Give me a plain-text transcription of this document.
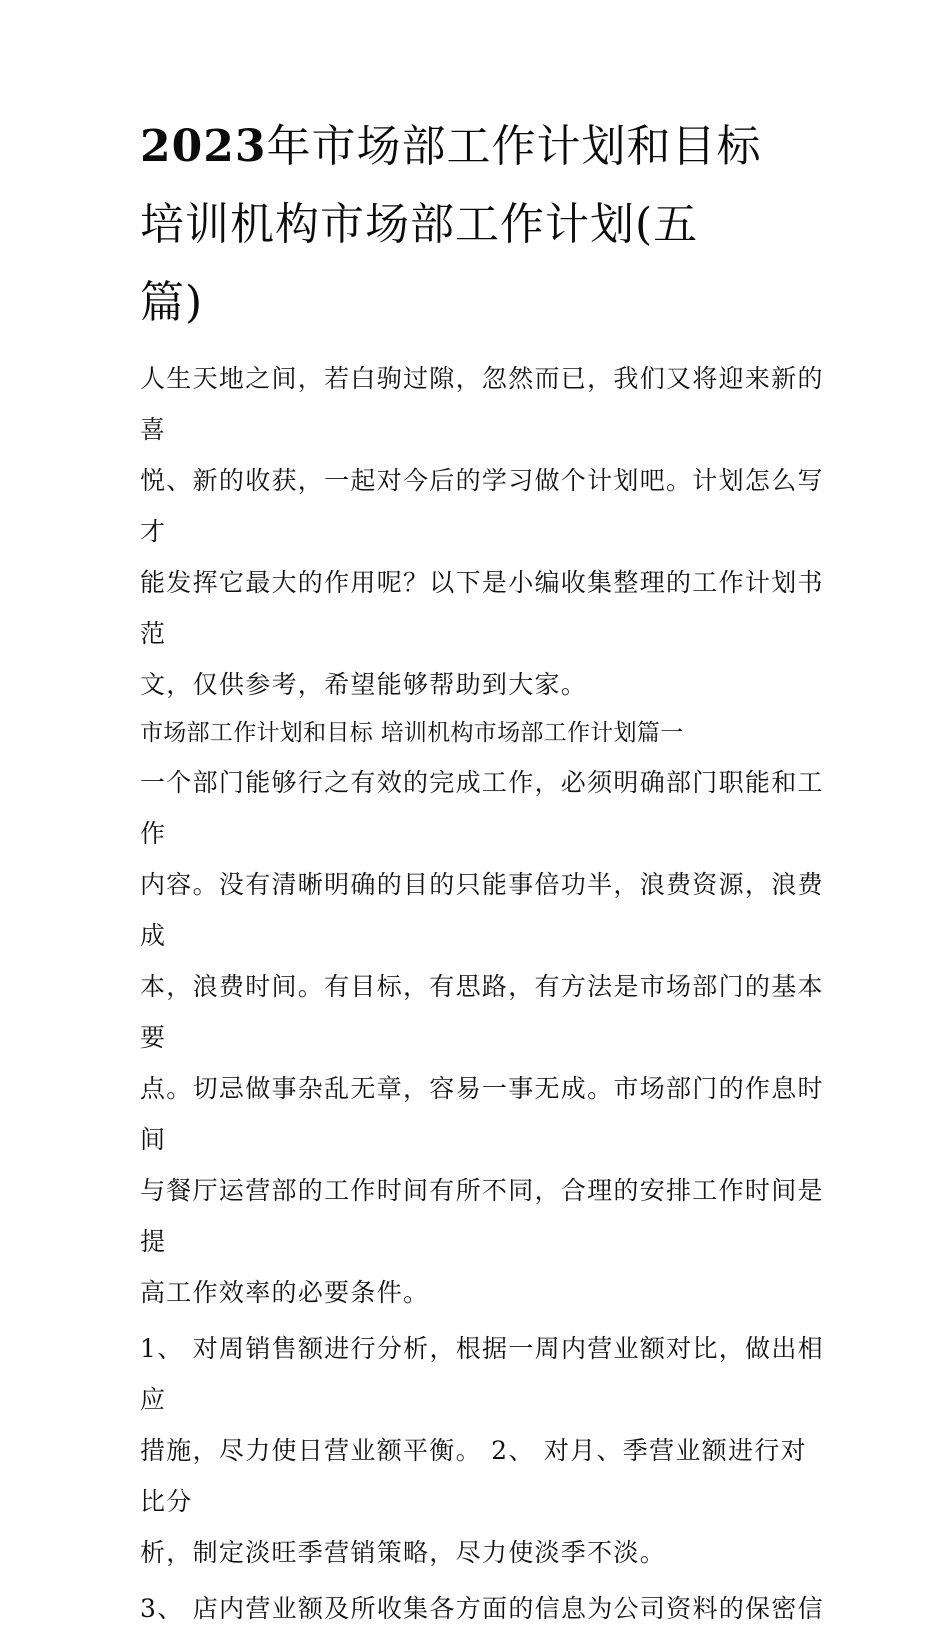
2023年市场部工作计划和目标
培训机构市场部工作计划(五
篇)

人生天地之间，若白驹过隙，忽然而已，我们又将迎来新的喜
悦、新的收获，一起对今后的学习做个计划吧。计划怎么写才
能发挥它最大的作用呢？以下是小编收集整理的工作计划书范
文，仅供参考，希望能够帮助到大家。

市场部工作计划和目标 培训机构市场部工作计划篇一

一个部门能够行之有效的完成工作，必须明确部门职能和工作
内容。没有清晰明确的目的只能事倍功半，浪费资源，浪费成
本，浪费时间。有目标，有思路，有方法是市场部门的基本要
点。切忌做事杂乱无章，容易一事无成。市场部门的作息时间
与餐厅运营部的工作时间有所不同，合理的安排工作时间是提
高工作效率的必要条件。

1、 对周销售额进行分析，根据一周内营业额对比，做出相应
措施，尽力使日营业额平衡。 2、 对月、季营业额进行对比分
析，制定淡旺季营销策略，尽力使淡季不淡。

3、 店内营业额及所收集各方面的信息为公司资料的保密信
